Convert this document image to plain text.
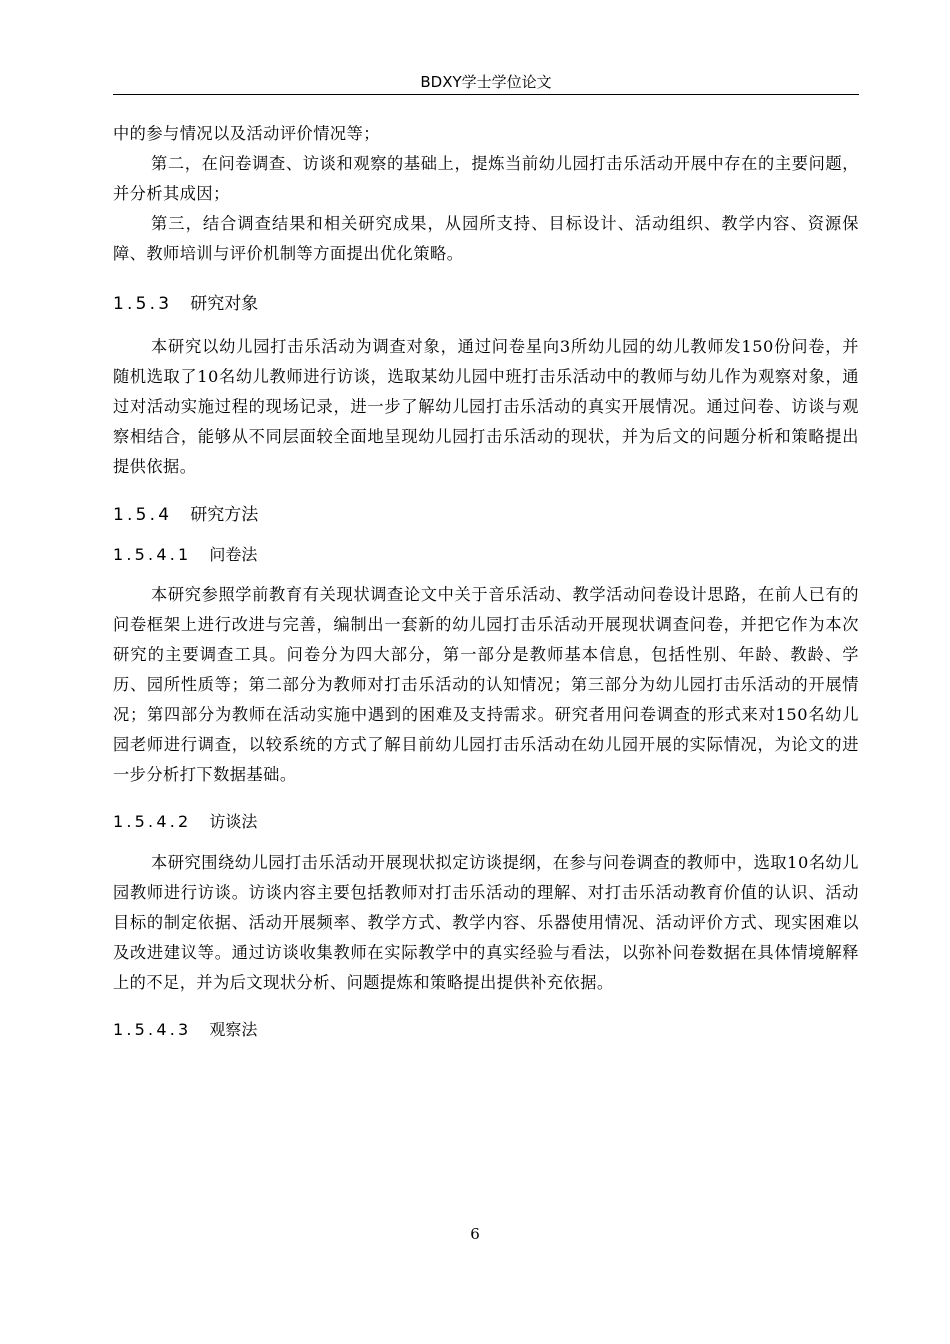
BDXY学士学位论文

中的参与情况以及活动评价情况等；

第二，在问卷调查、访谈和观察的基础上，提炼当前幼儿园打击乐活动开展中存在的主要问题，并分析其成因；

第三，结合调查结果和相关研究成果，从园所支持、目标设计、活动组织、教学内容、资源保障、教师培训与评价机制等方面提出优化策略。

1.5.3 研究对象

本研究以幼儿园打击乐活动为调查对象，通过问卷星向3所幼儿园的幼儿教师发150份问卷，并随机选取了10名幼儿教师进行访谈，选取某幼儿园中班打击乐活动中的教师与幼儿作为观察对象，通过对活动实施过程的现场记录，进一步了解幼儿园打击乐活动的真实开展情况。通过问卷、访谈与观察相结合，能够从不同层面较全面地呈现幼儿园打击乐活动的现状，并为后文的问题分析和策略提出提供依据。

1.5.4 研究方法
1.5.4.1 问卷法

本研究参照学前教育有关现状调查论文中关于音乐活动、教学活动问卷设计思路，在前人已有的问卷框架上进行改进与完善，编制出一套新的幼儿园打击乐活动开展现状调查问卷，并把它作为本次研究的主要调查工具。问卷分为四大部分，第一部分是教师基本信息，包括性别、年龄、教龄、学历、园所性质等；第二部分为教师对打击乐活动的认知情况；第三部分为幼儿园打击乐活动的开展情况；第四部分为教师在活动实施中遇到的困难及支持需求。研究者用问卷调查的形式来对150名幼儿园老师进行调查，以较系统的方式了解目前幼儿园打击乐活动在幼儿园开展的实际情况，为论文的进一步分析打下数据基础。

1.5.4.2 访谈法

本研究围绕幼儿园打击乐活动开展现状拟定访谈提纲，在参与问卷调查的教师中，选取10名幼儿园教师进行访谈。访谈内容主要包括教师对打击乐活动的理解、对打击乐活动教育价值的认识、活动目标的制定依据、活动开展频率、教学方式、教学内容、乐器使用情况、活动评价方式、现实困难以及改进建议等。通过访谈收集教师在实际教学中的真实经验与看法，以弥补问卷数据在具体情境解释上的不足，并为后文现状分析、问题提炼和策略提出提供补充依据。

1.5.4.3 观察法
6
